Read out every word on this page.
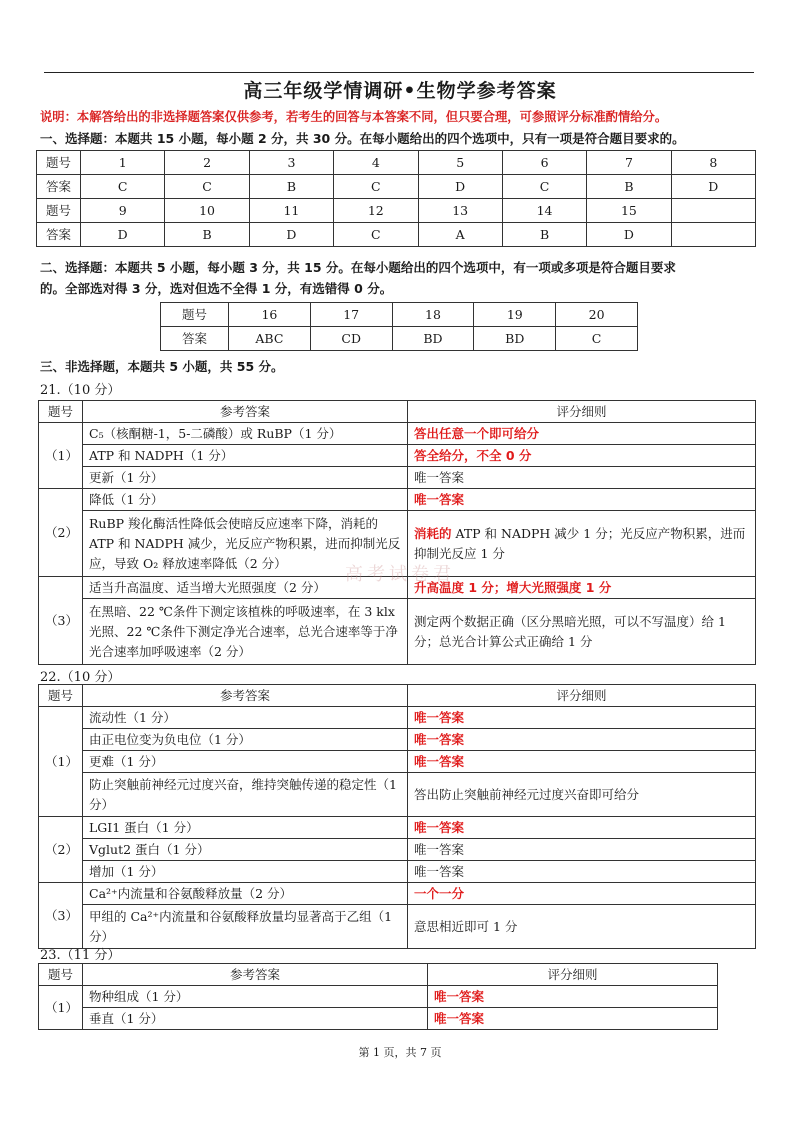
高三年级学情调研•生物学参考答案
说明：本解答给出的非选择题答案仅供参考，若考生的回答与本答案不同，但只要合理，可参照评分标准酌情给分。
一、选择题：本题共 15 小题，每小题 2 分，共 30 分。在每小题给出的四个选项中，只有一项是符合题目要求的。
题号	1	2	3	4	5	6	7	8
答案	C	C	B	C	D	C	B	D
题号	9	10	11	12	13	14	15	
答案	D	B	D	C	A	B	D	
二、选择题：本题共 5 小题，每小题 3 分，共 15 分。在每小题给出的四个选项中，有一项或多项是符合题目要求
的。全部选对得 3 分，选对但选不全得 1 分，有选错得 0 分。
题号	16	17	18	19	20
答案	ABC	CD	BD	BD	C
三、非选择题，本题共 5 小题，共 55 分。
21.（10 分）
题号	参考答案	评分细则
（1）	C₅（核酮糖-1，5-二磷酸）或 RuBP（1 分）	答出任意一个即可给分
	ATP 和 NADPH（1 分）	答全给分，不全 0 分
	更新（1 分）	唯一答案
（2）	降低（1 分）	唯一答案
	RuBP 羧化酶活性降低会使暗反应速率下降，消耗的 ATP 和 NADPH 减少，光反应产物积累，进而抑制光反应，导致 O₂ 释放速率降低（2 分）	消耗的 ATP 和 NADPH 减少 1 分；光反应产物积累，进而抑制光反应 1 分
（3）	适当升高温度、适当增大光照强度（2 分）	升高温度 1 分；增大光照强度 1 分
	在黑暗、22 ℃条件下测定该植株的呼吸速率，在 3 klx 光照、22 ℃条件下测定净光合速率，总光合速率等于净光合速率加呼吸速率（2 分）	测定两个数据正确（区分黑暗光照，可以不写温度）给 1 分；总光合计算公式正确给 1 分
22.（10 分）
题号	参考答案	评分细则
（1）	流动性（1 分）	唯一答案
	由正电位变为负电位（1 分）	唯一答案
	更难（1 分）	唯一答案
	防止突触前神经元过度兴奋，维持突触传递的稳定性（1 分）	答出防止突触前神经元过度兴奋即可给分
（2）	LGI1 蛋白（1 分）	唯一答案
	Vglut2 蛋白（1 分）	唯一答案
	增加（1 分）	唯一答案
（3）	Ca²⁺内流量和谷氨酸释放量（2 分）	一个一分
	甲组的 Ca²⁺内流量和谷氨酸释放量均显著高于乙组（1 分）	意思相近即可 1 分
23.（11 分）
题号	参考答案	评分细则
（1）	物种组成（1 分）	唯一答案
	垂直（1 分）	唯一答案
高考试卷君
第 1 页，共 7 页
